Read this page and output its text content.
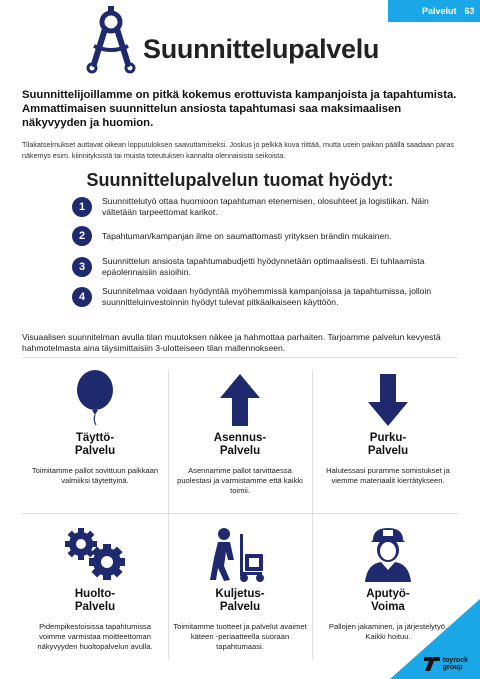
Palvelut 63
Suunnittelupalvelu
Suunnittelijoillamme on pitkä kokemus erottuvista kampanjoista ja tapahtumista. Ammattimaisen suunnittelun ansiosta tapahtumasi saa maksimaalisen näkyvyyden ja huomion.
Tilakatselmukset auttavat oikean lopputuloksen saavuttamiseksi. Joskus jo pelkkä kuva riittää, mutta usein paikan päällä saadaan paras näkemys esim. kiinnityksistä tai muista toteutuksen kannalta olennaisista seikoista.
Suunnittelupalvelun tuomat hyödyt:
1	Suunnittelutyö ottaa huomioon tapahtuman etenemisen, olosuhteet ja logistiikan. Näin vältetään tarpeettomat karikot.
2	Tapahtuman/kampanjan ilme on saumattomasti yrityksen brändin mukainen.
3	Suunnittelun ansiosta tapahtumabudjetti hyödynnetään optimaalisesti. Ei tuhlaamista epäolennaisiin asioihin.
4	Suunnitelmaa voidaan hyödyntää myöhemmissä kampanjoissa ja tapahtumissa, jolloin suunnitteluinvestoinnin hyödyt tulevat pitkäaikaiseen käyttöön.
Visuaalisen suunnitelman avulla tilan muutoksen näkee ja hahmottaa parhaiten. Tarjoamme palvelun kevyestä hahmotelmasta aina täysimittaisiin 3-ulotteiseen tilan mallennokseen.
Täyttö-
Palvelu
Toimitamme pallot sovittuun paikkaan valmiiksi täytettyinä.
Asennus-
Palvelu
Asennamme pallot tarvittaessa puolestasi ja varmistamme että kaikki toimii.
Purku-
Palvelu
Halutessasi puramme somistukset ja viemme materiaalit kierrätykseen.
Huolto-
Palvelu
Pidempikestoisissa tapahtumissa voimme varmistaa moitteettoman näkyvyyden huoltopalvelun avulla.
Kuljetus-
Palvelu
Toimitamme tuotteet ja palvelut avaimet käteen -periaatteella suoraan tapahtumaasi.
Aputyö-
Voima
Pallojen jakaminen, ja järjestelytyö. Kaikki hoituu.
toyrock
group
